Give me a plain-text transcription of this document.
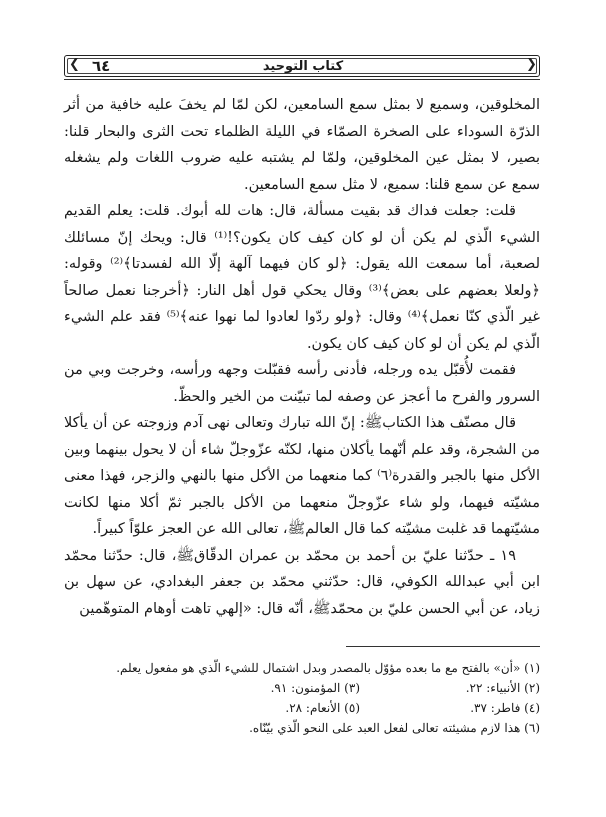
❮	❯
٦٤	كتاب التوحيد

المخلوقين، وسميع لا بمثل سمع السامعين، لكن لمّا لم يخفَ عليه خافية من أثر الذرّة السوداء على الصخرة الصمّاء في الليلة الظلماء تحت الثرى والبحار قلنا: بصير، لا بمثل عين المخلوقين، ولمّا لم يشتبه عليه ضروب اللغات ولم يشغله سمع عن سمع قلنا: سميع، لا مثل سمع السامعين.

قلت: جعلت فداك قد بقيت مسألة، قال: هات لله أبوك. قلت: يعلم القديم الشيء الّذي لم يكن أن لو كان كيف كان يكون؟!⁽¹⁾ قال: ويحك إنّ مسائلك لصعبة، أما سمعت الله يقول: ﴿لو كان فيهما آلهة إلّا الله لفسدتا﴾⁽²⁾ وقوله: ﴿ولعلا بعضهم على بعض﴾⁽³⁾ وقال يحكي قول أهل النار: ﴿أخرجنا نعمل صالحاً غير الّذي كنّا نعمل﴾⁽⁴⁾ وقال: ﴿ولو ردّوا لعادوا لما نهوا عنه﴾⁽⁵⁾ فقد علم الشيء الّذي لم يكن أن لو كان كيف كان يكون.

فقمت لأُقبّل يده ورجله، فأدنى رأسه فقبّلت وجهه ورأسه، وخرجت وبي من السرور والفرح ما أعجز عن وصفه لما تبيّنت من الخير والحظّ.

قال مصنّف هذا الكتابﷺ: إنّ الله تبارك وتعالى نهى آدم وزوجته عن أن يأكلا من الشجرة، وقد علم أنّهما يأكلان منها، لكنّه عزّوجلّ شاء أن لا يحول بينهما وبين الأكل منها بالجبر والقدرة⁽٦⁾ كما منعهما من الأكل منها بالنهي والزجر، فهذا معنى مشيّته فيهما، ولو شاء عزّوجلّ منعهما من الأكل بالجبر ثمّ أكلا منها لكانت مشيّتهما قد غلبت مشيّته كما قال العالمﷺ، تعالى الله عن العجز علوّاً كبيراً.

١٩ ـ حدّثنا عليّ بن أحمد بن محمّد بن عمران الدقّاقﷺ، قال: حدّثنا محمّد ابن أبي عبدالله الكوفي، قال: حدّثني محمّد بن جعفر البغدادي، عن سهل بن زياد، عن أبي الحسن عليّ بن محمّدﷺ، أنّه قال: «إلهي تاهت أوهام المتوهّمين

(١) «أن» بالفتح مع ما بعده مؤوّل بالمصدر وبدل اشتمال للشيء الّذي هو مفعول يعلم.
(٢) الأنبياء: ٢٢.
(٣) المؤمنون: ٩١.
(٤) فاطر: ٣٧.
(٥) الأنعام: ٢٨.
(٦) هذا لازم مشيئته تعالى لفعل العبد على النحو الّذي بيّنّاه.
